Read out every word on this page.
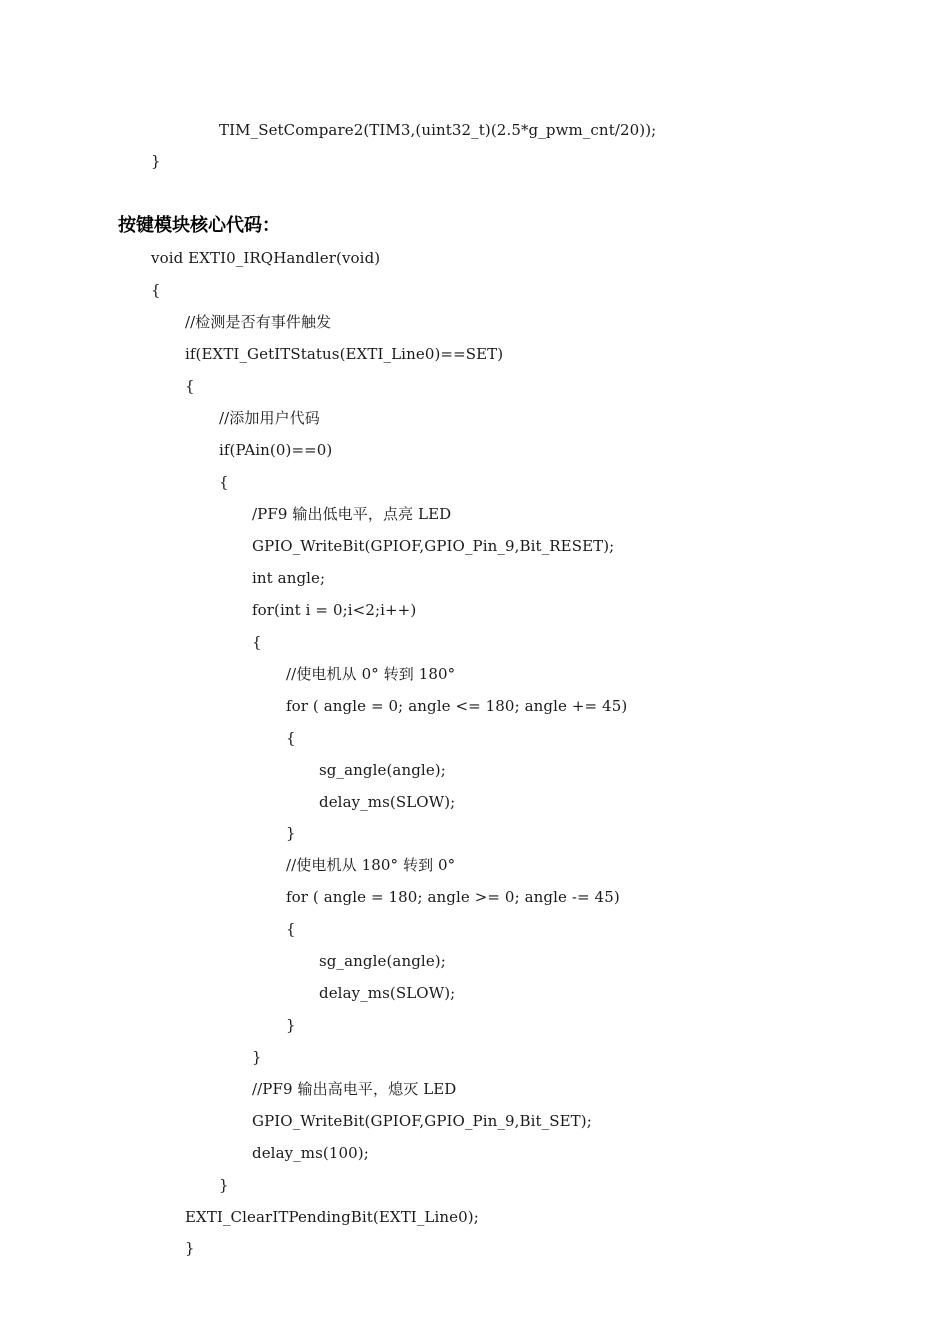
TIM_SetCompare2(TIM3,(uint32_t)(2.5*g_pwm_cnt/20));
}
按键模块核心代码：
void EXTI0_IRQHandler(void)
{
//检测是否有事件触发
if(EXTI_GetITStatus(EXTI_Line0)==SET)
{
//添加用户代码
if(PAin(0)==0)
{
/PF9 输出低电平，点亮 LED
GPIO_WriteBit(GPIOF,GPIO_Pin_9,Bit_RESET);
int angle;
for(int i = 0;i<2;i++)
{
//使电机从 0° 转到 180°
for ( angle = 0; angle <= 180; angle += 45)
{
sg_angle(angle);
delay_ms(SLOW);
}
//使电机从 180° 转到 0°
for ( angle = 180; angle >= 0; angle -= 45)
{
sg_angle(angle);
delay_ms(SLOW);
}
}
//PF9 输出高电平，熄灭 LED
GPIO_WriteBit(GPIOF,GPIO_Pin_9,Bit_SET);
delay_ms(100);
}
EXTI_ClearITPendingBit(EXTI_Line0);
}
